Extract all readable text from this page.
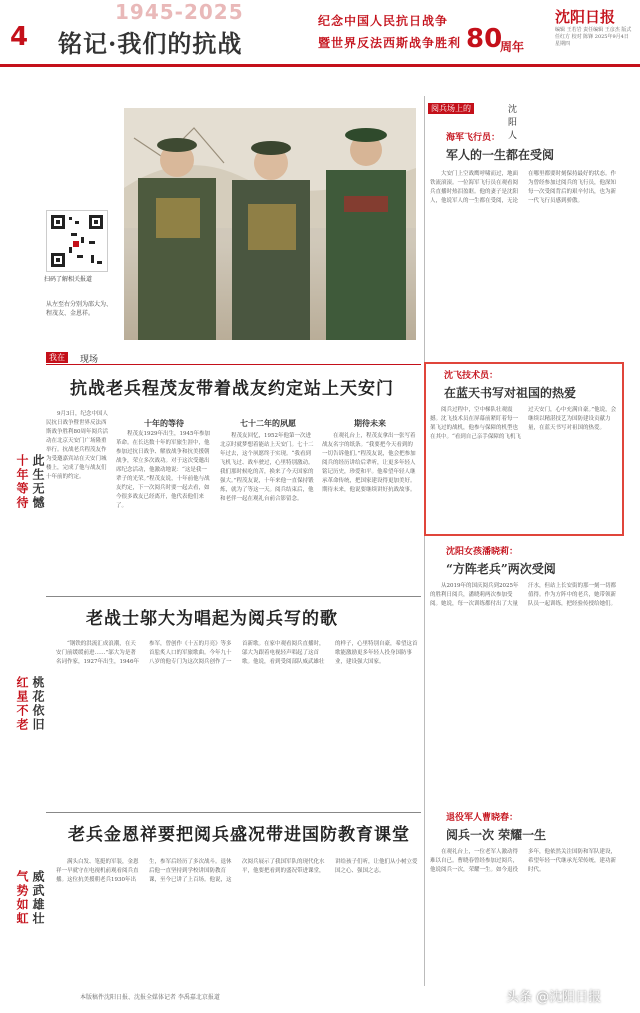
4
1945-2025
铭记·我们的抗战
纪念中国人民抗日战争
暨世界反法西斯战争胜利 80
周年
沈阳日报
编辑 王若岩 责任编辑 王彦杰 版式 任红方 校对 陈锋 2025年9月4日 星期四
扫码了解相关报道
从左至右分别为邵大为、程茂友、金恩祥。
我在	现场
抗战老兵程茂友带着战友约定站上天安门
十年等待 此生无憾

9月3日，纪念中国人民抗日战争暨世界反法西斯战争胜利80周年阅兵活动在北京天安门广场隆重举行。抗战老兵程茂友作为受邀嘉宾站在天安门城楼上，完成了他与战友们十年前的约定。

程茂友1929年出生，1945年参加革命。在长达数十年的军旅生涯中，他参加过抗日战争、解放战争和抗美援朝战争，荣立多次战功。对于这次受邀出席纪念活动，他激动地说：“这是我一辈子的光荣。”程茂友说，十年前他与战友约定，下一次阅兵时要一起去看，如今很多战友已经离开，他代表他们来了。

七十二年的夙愿

程茂友回忆，1952年他第一次进北京时就梦想着能站上天安门。七十二年过去，这个夙愿终于实现。“我看到飞机飞过、战车驶过，心里特别激动。我们那时候吃的苦，换来了今天国家的强大。”程茂友说，十年来他一直保持锻炼，就为了等这一天。阅兵结束后，他和老伴一起在观礼台前合影留念。

十年的等待	期待未来

在观礼台上，程茂友拿出一张写着战友名字的纸条。“我要把今天看到的一切告诉他们。”程茂友说，他会把参加阅兵的经历讲给后辈听，让更多年轻人铭记历史，珍爱和平。他希望年轻人继承革命传统，把国家建设得更加美好。期待未来，他说要继续讲好抗战故事。

老战士邬大为唱起为阅兵写的歌
红星不老 桃花依旧

“钢铁的洪流汇成浪潮，在天安门前缓缓前进……”邬大为是著名词作家，1927年出生，1946年参军，曾创作《十五的月亮》等多首脍炙人口的军旅歌曲。今年九十八岁的他专门为这次阅兵创作了一首新歌。在家中观看阅兵直播时，邬大为跟着电视轻声唱起了这首歌。他说，看到受阅部队威武雄壮的样子，心里特别自豪，希望这首歌能激励更多年轻人投身国防事业，建设强大国家。

老兵金恩祥要把阅兵盛况带进国防教育课堂
气势如虹 威武雄壮

满头白发、笔挺的军装，金恩祥一早就守在电视机前观看阅兵直播。这位抗美援朝老兵1930年出生，参军后经历了多次战斗。退休后他一直坚持到学校讲国防教育课，至今已讲了上百场。他说，这次阅兵展示了我国军队的现代化水平，他要把看到的盛况带进课堂，讲给孩子们听，让他们从小树立爱国之心、强国之志。

阅兵场上的	沈阳人
海军飞行员：
军人的一生都在受阅

大安门上空战鹰呼啸而过，地面铁流滚滚。一位海军飞行员在观看阅兵直播时热泪盈眶。他的妻子是沈阳人，他说军人的一生都在受阅，无论在哪里都要时刻保持最好的状态。作为曾经参加过阅兵的飞行员，他深知每一次受阅背后的艰辛付出，也为新一代飞行员感到骄傲。

沈飞技术员：
在蓝天书写对祖国的热爱

阅兵过程中，空中梯队壮观震撼。沈飞技术员在屏幕前紧盯着每一架飞过的战机，他参与保障的机型也在其中。“看到自己亲手保障的飞机飞过天安门，心中充满自豪。”他说，会继续以精湛技艺为国防建设贡献力量，在蓝天书写对祖国的热爱。

沈阳女孩潘晓莉：
“方阵老兵”两次受阅

从2019年的国庆阅兵到2025年的胜利日阅兵，潘晓莉两次参加受阅。她说，每一次训练都付出了大量汗水，但站上长安街的那一刻一切都值得。作为方阵中的老兵，她带领新队员一起训练，把经验传授给她们。

退役军人曹晓春：
阅兵一次 荣耀一生

在观礼台上，一位老军人激动得难以自已。曹晓春曾经参加过阅兵，他说阅兵一次，荣耀一生。如今退役多年，他依然关注国防和军队建设，希望年轻一代继承光荣传统，建功新时代。

本版稿件沈阳日报、沈报全媒体记者 李禹嘉北京报道	头条 @沈阳日报
